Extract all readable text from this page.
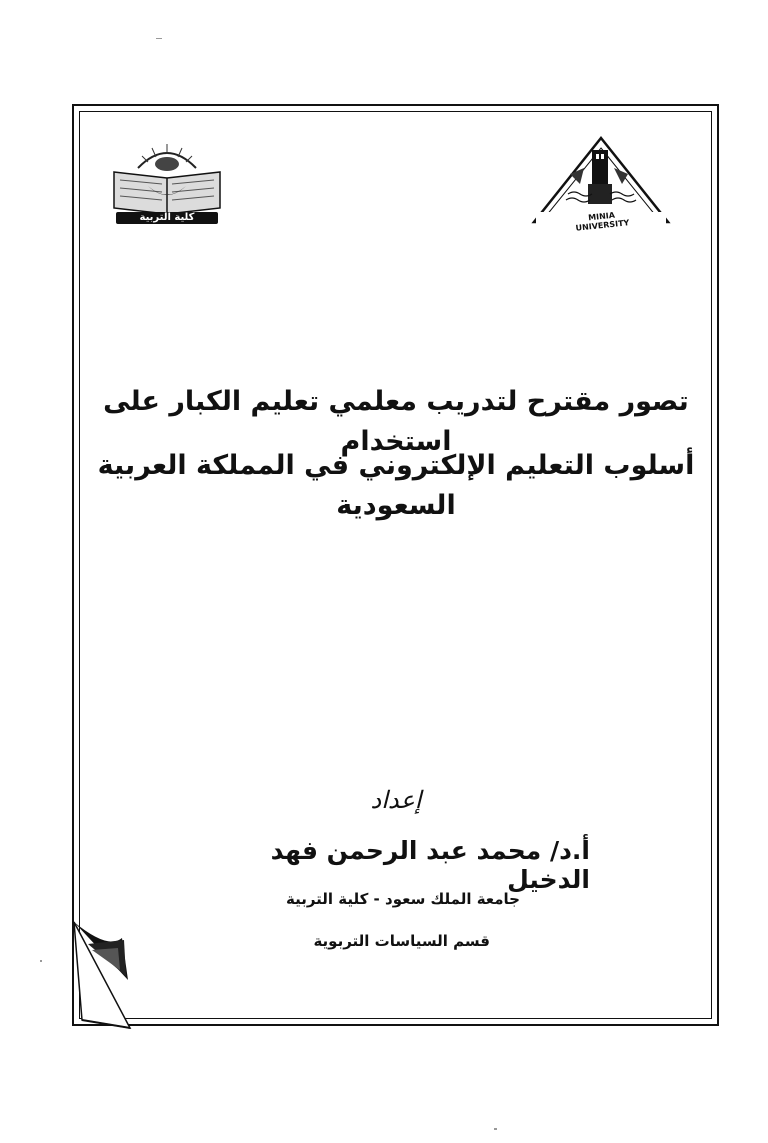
كلية التربية	MINIA UNIVERSITY
تصور مقترح لتدريب معلمي تعليم الكبار على استخدام
أسلوب التعليم الإلكتروني في المملكة العربية السعودية
إعداد
أ.د/ محمد عبد الرحمن فهد الدخيل
جامعة الملك سعود - كلية التربية
قسم السياسات التربوية
